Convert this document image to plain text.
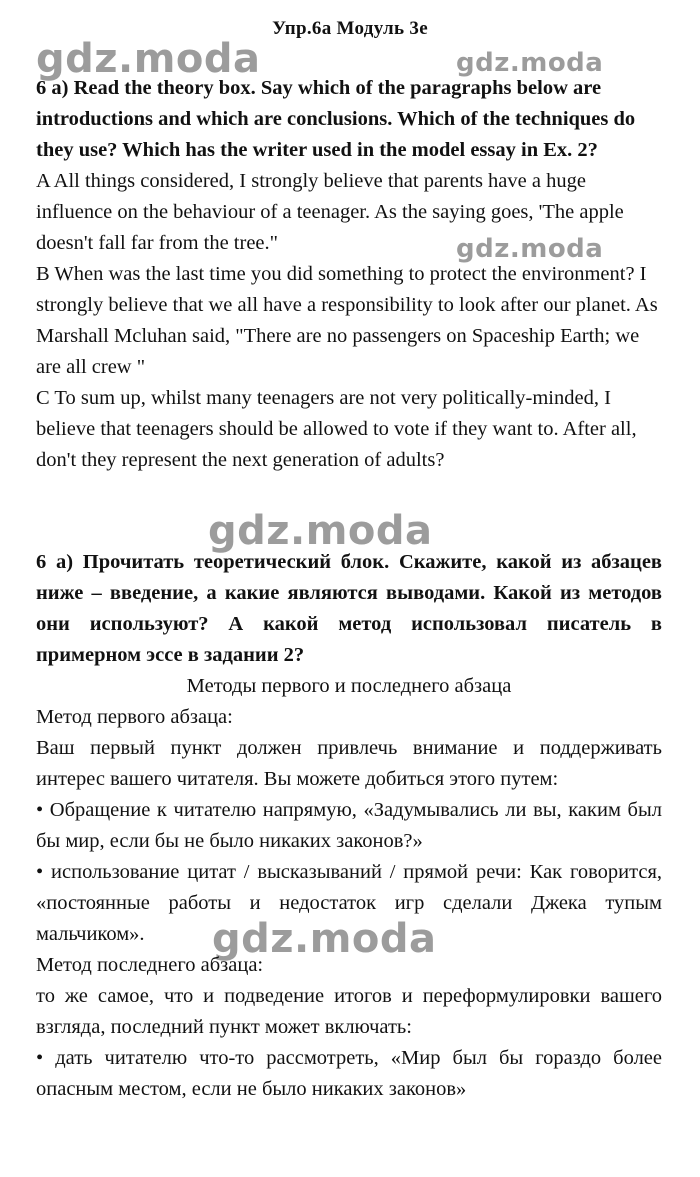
Упр.6а Модуль 3e
gdz.moda	gdz.moda
gdz.moda
gdz.moda
gdz.moda

6 a) Read the theory box. Say which of the paragraphs below are introductions and which are conclusions. Which of the techniques do they use? Which has the writer used in the model essay in Ex. 2?

A All things considered, I strongly believe that parents have a huge influence on the behaviour of a teenager. As the saying goes, 'The apple doesn't fall far from the tree."

B When was the last time you did something to protect the environment? I strongly believe that we all have a responsibility to look after our planet. As Marshall Mcluhan said, "There are no passengers on Spaceship Earth; we are all crew "

C To sum up, whilst many teenagers are not very politically-minded, I believe that teenagers should be allowed to vote if they want to. After all, don't they represent the next generation of adults?

6 а) Прочитать теоретический блок. Скажите, какой из абзацев ниже – введение, а какие являются выводами. Какой из методов они используют? А какой метод использовал писатель в примерном эссе в задании 2?

Методы первого и последнего абзаца

Метод первого абзаца:

Ваш первый пункт должен привлечь внимание и поддерживать интерес вашего читателя. Вы можете добиться этого путем:

• Обращение к читателю напрямую, «Задумывались ли вы, каким был бы мир, если бы не было никаких законов?»

• использование цитат / высказываний / прямой речи: Как говорится, «постоянные работы и недостаток игр сделали Джека тупым мальчиком».

Метод последнего абзаца:

то же самое, что и подведение итогов и переформулировки вашего взгляда, последний пункт может включать:

• дать читателю что-то рассмотреть, «Мир был бы гораздо более опасным местом, если не было никаких законов»
